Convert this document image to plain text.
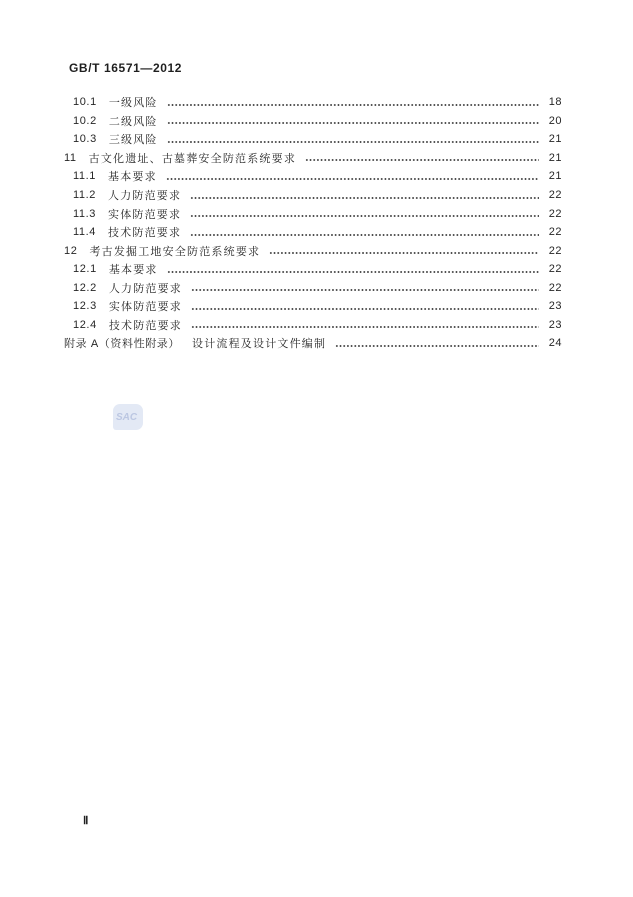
GB/T 16571—2012
10.1 一级风险	18
10.2 二级风险	20
10.3 三级风险	21
11 古文化遗址、古墓葬安全防范系统要求	21
11.1 基本要求	21
11.2 人力防范要求	22
11.3 实体防范要求	22
11.4 技术防范要求	22
12 考古发掘工地安全防范系统要求	22
12.1 基本要求	22
12.2 人力防范要求	22
12.3 实体防范要求	23
12.4 技术防范要求	23
附录 A（资料性附录） 设计流程及设计文件编制	24
SAC
Ⅱ
